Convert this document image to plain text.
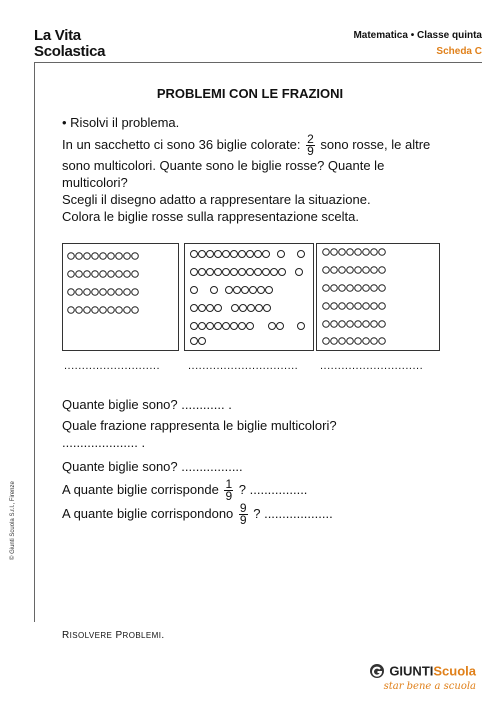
La Vita
Scolastica
Matematica • Classe quinta
Scheda C
PROBLEMI CON LE FRAZIONI
• Risolvi il problema.
In un sacchetto ci sono 36 biglie colorate: $\frac{2}{9}$ sono rosse, le altre sono multicolori. Quante sono le biglie rosse? Quante le multicolori?
Scegli il disegno adatto a rappresentare la situazione.
Colora le biglie rosse sulla rappresentazione scelta.
...........................	............................... .............................
Quante biglie sono? ............ .
Quale frazione rappresenta le biglie multicolori?
..................... .
Quante biglie sono? .................
A quante biglie corrisponde $\frac{1}{9}$ ? ................
A quante biglie corrispondono $\frac{9}{9}$ ? ...................
RISOLVERE PROBLEMI.
© Giunti Scuola S.r.l., Firenze
GIUNTIScuola
star bene a scuola
